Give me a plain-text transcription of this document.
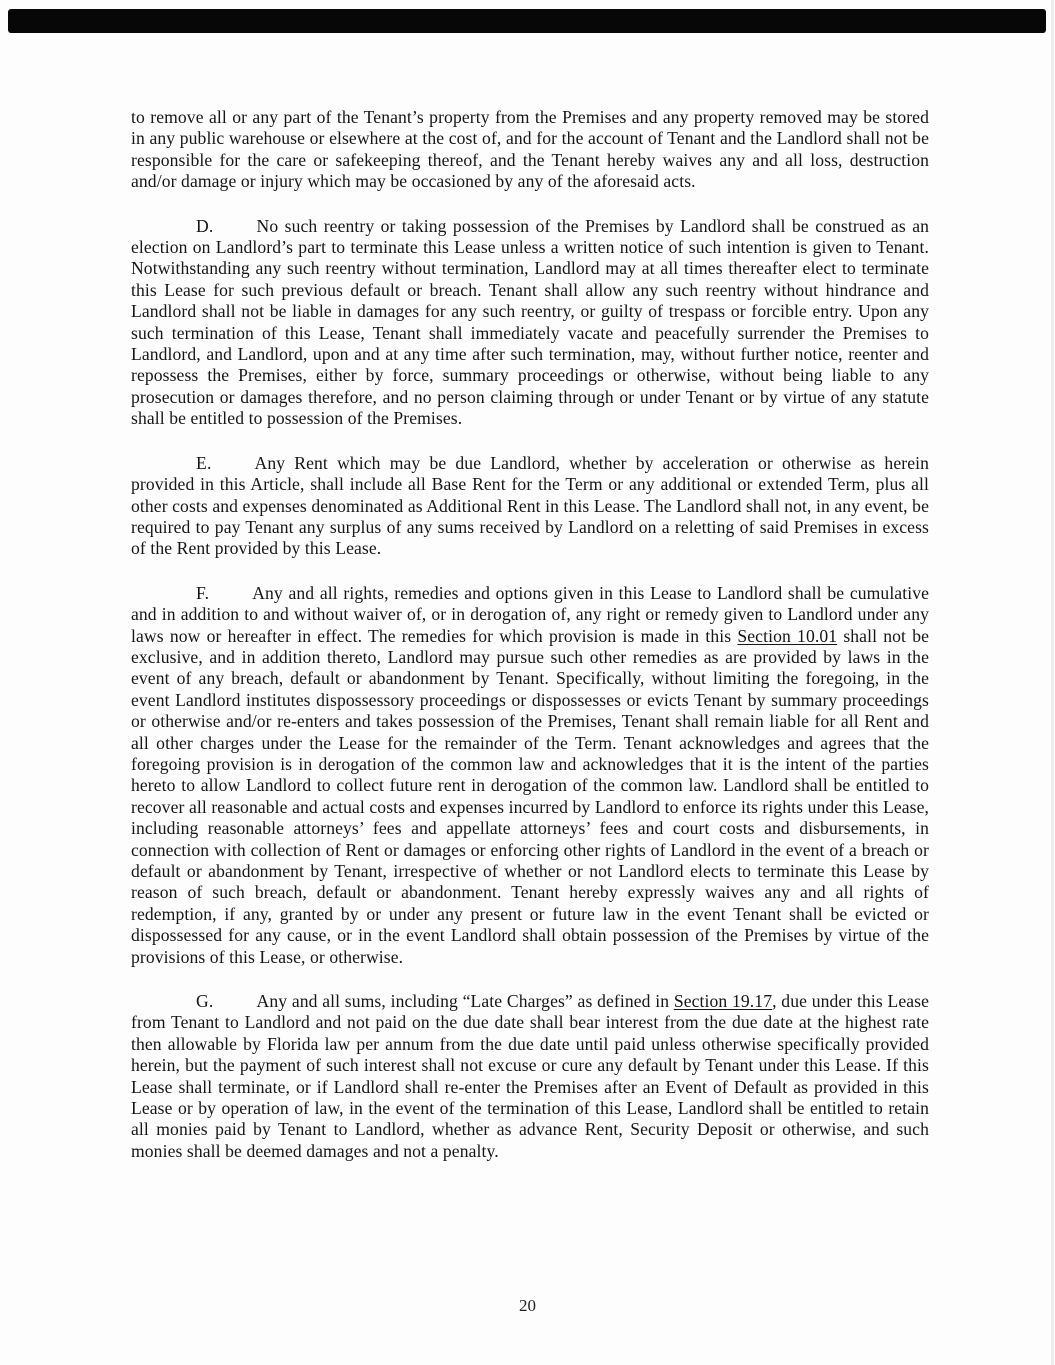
to remove all or any part of the Tenant’s property from the Premises and any property removed may be stored in any public warehouse or elsewhere at the cost of, and for the account of Tenant and the Landlord shall not be responsible for the care or safekeeping thereof, and the Tenant hereby waives any and all loss, destruction and/or damage or injury which may be occasioned by any of the aforesaid acts.

D. No such reentry or taking possession of the Premises by Landlord shall be construed as an election on Landlord’s part to terminate this Lease unless a written notice of such intention is given to Tenant. Notwithstanding any such reentry without termination, Landlord may at all times thereafter elect to terminate this Lease for such previous default or breach. Tenant shall allow any such reentry without hindrance and Landlord shall not be liable in damages for any such reentry, or guilty of trespass or forcible entry. Upon any such termination of this Lease, Tenant shall immediately vacate and peacefully surrender the Premises to Landlord, and Landlord, upon and at any time after such termination, may, without further notice, reenter and repossess the Premises, either by force, summary proceedings or otherwise, without being liable to any prosecution or damages therefore, and no person claiming through or under Tenant or by virtue of any statute shall be entitled to possession of the Premises.

E. Any Rent which may be due Landlord, whether by acceleration or otherwise as herein provided in this Article, shall include all Base Rent for the Term or any additional or extended Term, plus all other costs and expenses denominated as Additional Rent in this Lease. The Landlord shall not, in any event, be required to pay Tenant any surplus of any sums received by Landlord on a reletting of said Premises in excess of the Rent provided by this Lease.

F. Any and all rights, remedies and options given in this Lease to Landlord shall be cumulative and in addition to and without waiver of, or in derogation of, any right or remedy given to Landlord under any laws now or hereafter in effect. The remedies for which provision is made in this Section 10.01 shall not be exclusive, and in addition thereto, Landlord may pursue such other remedies as are provided by laws in the event of any breach, default or abandonment by Tenant. Specifically, without limiting the foregoing, in the event Landlord institutes dispossessory proceedings or dispossesses or evicts Tenant by summary proceedings or otherwise and/or re-enters and takes possession of the Premises, Tenant shall remain liable for all Rent and all other charges under the Lease for the remainder of the Term. Tenant acknowledges and agrees that the foregoing provision is in derogation of the common law and acknowledges that it is the intent of the parties hereto to allow Landlord to collect future rent in derogation of the common law. Landlord shall be entitled to recover all reasonable and actual costs and expenses incurred by Landlord to enforce its rights under this Lease, including reasonable attorneys’ fees and appellate attorneys’ fees and court costs and disbursements, in connection with collection of Rent or damages or enforcing other rights of Landlord in the event of a breach or default or abandonment by Tenant, irrespective of whether or not Landlord elects to terminate this Lease by reason of such breach, default or abandonment. Tenant hereby expressly waives any and all rights of redemption, if any, granted by or under any present or future law in the event Tenant shall be evicted or dispossessed for any cause, or in the event Landlord shall obtain possession of the Premises by virtue of the provisions of this Lease, or otherwise.

G. Any and all sums, including “Late Charges” as defined in Section 19.17, due under this Lease from Tenant to Landlord and not paid on the due date shall bear interest from the due date at the highest rate then allowable by Florida law per annum from the due date until paid unless otherwise specifically provided herein, but the payment of such interest shall not excuse or cure any default by Tenant under this Lease. If this Lease shall terminate, or if Landlord shall re-enter the Premises after an Event of Default as provided in this Lease or by operation of law, in the event of the termination of this Lease, Landlord shall be entitled to retain all monies paid by Tenant to Landlord, whether as advance Rent, Security Deposit or otherwise, and such monies shall be deemed damages and not a penalty.

20
